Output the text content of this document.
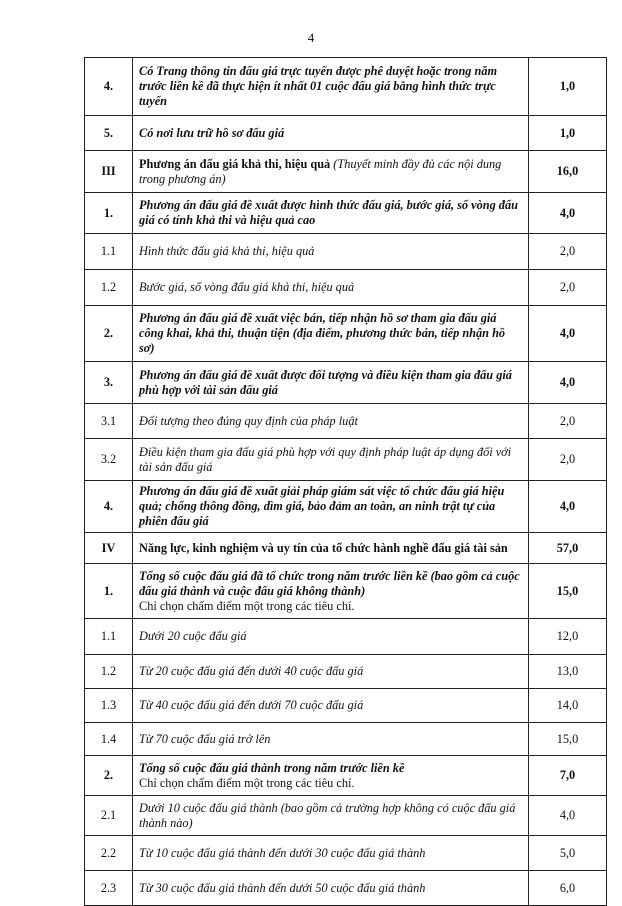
4
4.	Có Trang thông tin đấu giá trực tuyến được phê duyệt hoặc trong năm trước liền kề đã thực hiện ít nhất 01 cuộc đấu giá bằng hình thức trực tuyến	1,0
5.	Có nơi lưu trữ hồ sơ đấu giá	1,0
III	Phương án đấu giá khả thi, hiệu quả (Thuyết minh đầy đủ các nội dung trong phương án)	16,0
1.	Phương án đấu giá đề xuất được hình thức đấu giá, bước giá, số vòng đấu giá có tính khả thi và hiệu quả cao	4,0
1.1	Hình thức đấu giá khả thi, hiệu quả	2,0
1.2	Bước giá, số vòng đấu giá khả thi, hiệu quả	2,0
2.	Phương án đấu giá đề xuất việc bán, tiếp nhận hồ sơ tham gia đấu giá công khai, khả thi, thuận tiện (địa điểm, phương thức bán, tiếp nhận hồ sơ)	4,0
3.	Phương án đấu giá đề xuất được đối tượng và điều kiện tham gia đấu giá phù hợp với tài sản đấu giá	4,0
3.1	Đối tượng theo đúng quy định của pháp luật	2,0
3.2	Điều kiện tham gia đấu giá phù hợp với quy định pháp luật áp dụng đối với tài sản đấu giá	2,0
4.	Phương án đấu giá đề xuất giải pháp giám sát việc tổ chức đấu giá hiệu quả; chống thông đồng, dìm giá, bảo đảm an toàn, an ninh trật tự của phiên đấu giá	4,0
IV	Năng lực, kinh nghiệm và uy tín của tổ chức hành nghề đấu giá tài sản	57,0
1.	Tổng số cuộc đấu giá đã tổ chức trong năm trước liền kề (bao gồm cả cuộc đấu giá thành và cuộc đấu giá không thành)
Chỉ chọn chấm điểm một trong các tiêu chí.	15,0
1.1	Dưới 20 cuộc đấu giá	12,0
1.2	Từ 20 cuộc đấu giá đến dưới 40 cuộc đấu giá	13,0
1.3	Từ 40 cuộc đấu giá đến dưới 70 cuộc đấu giá	14,0
1.4	Từ 70 cuộc đấu giá trở lên	15,0
2.	Tổng số cuộc đấu giá thành trong năm trước liền kề
Chỉ chọn chấm điểm một trong các tiêu chí.	7,0
2.1	Dưới 10 cuộc đấu giá thành (bao gồm cả trường hợp không có cuộc đấu giá thành nào)	4,0
2.2	Từ 10 cuộc đấu giá thành đến dưới 30 cuộc đấu giá thành	5,0
2.3	Từ 30 cuộc đấu giá thành đến dưới 50 cuộc đấu giá thành	6,0
